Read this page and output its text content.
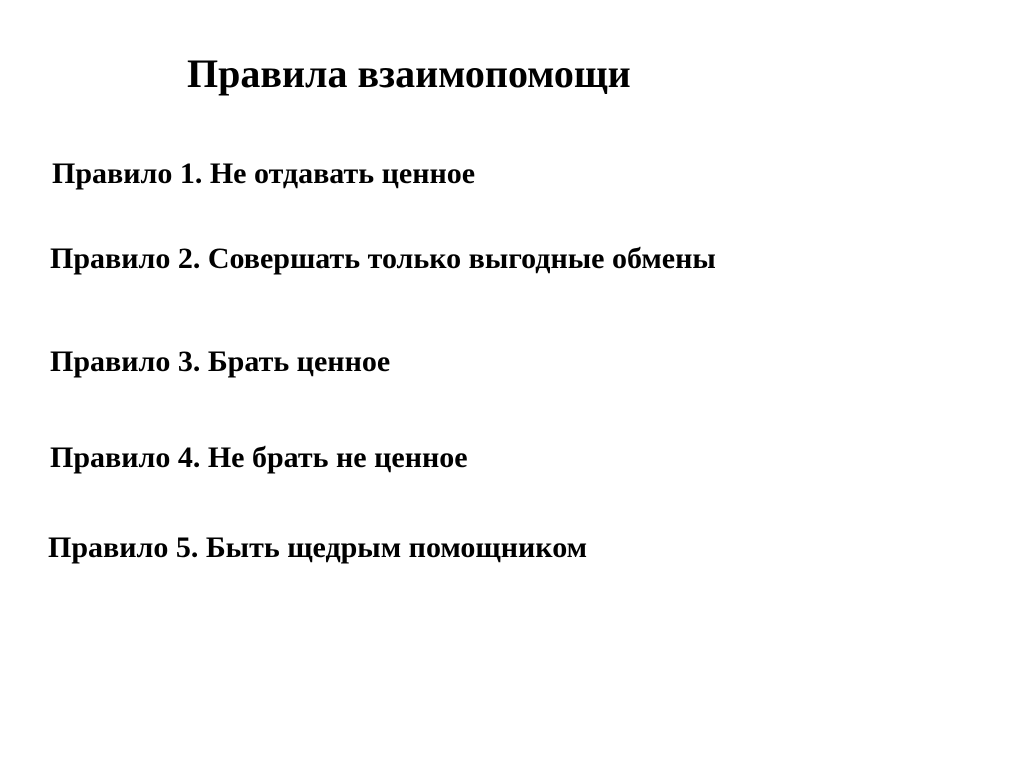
Правила взаимопомощи

Правило 1. Не отдавать ценное

Правило 2. Совершать только выгодные обмены

Правило 3. Брать ценное

Правило 4. Не брать не ценное

Правило 5. Быть щедрым помощником
